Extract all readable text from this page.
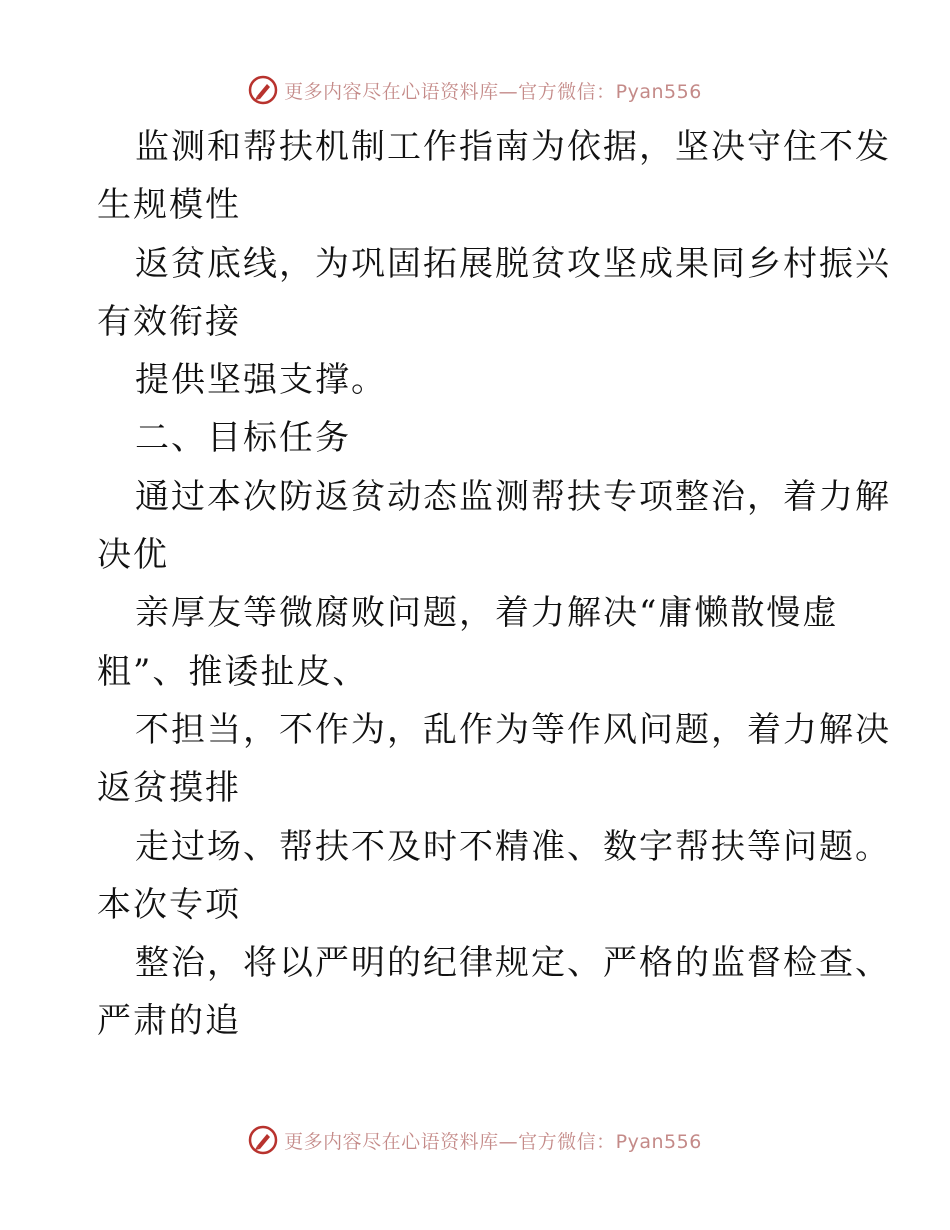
更多内容尽在心语资料库—官方微信：Pyan556
监测和帮扶机制工作指南为依据，坚决守住不发
生规模性
返贫底线，为巩固拓展脱贫攻坚成果同乡村振兴
有效衔接
提供坚强支撑。
二、目标任务
通过本次防返贫动态监测帮扶专项整治，着力解
决优
亲厚友等微腐败问题，着力解决“庸懒散慢虚
粗”、推诿扯皮、
不担当，不作为，乱作为等作风问题，着力解决
返贫摸排
走过场、帮扶不及时不精准、数字帮扶等问题。
本次专项
整治，将以严明的纪律规定、严格的监督检查、
严肃的追
更多内容尽在心语资料库—官方微信：Pyan556
